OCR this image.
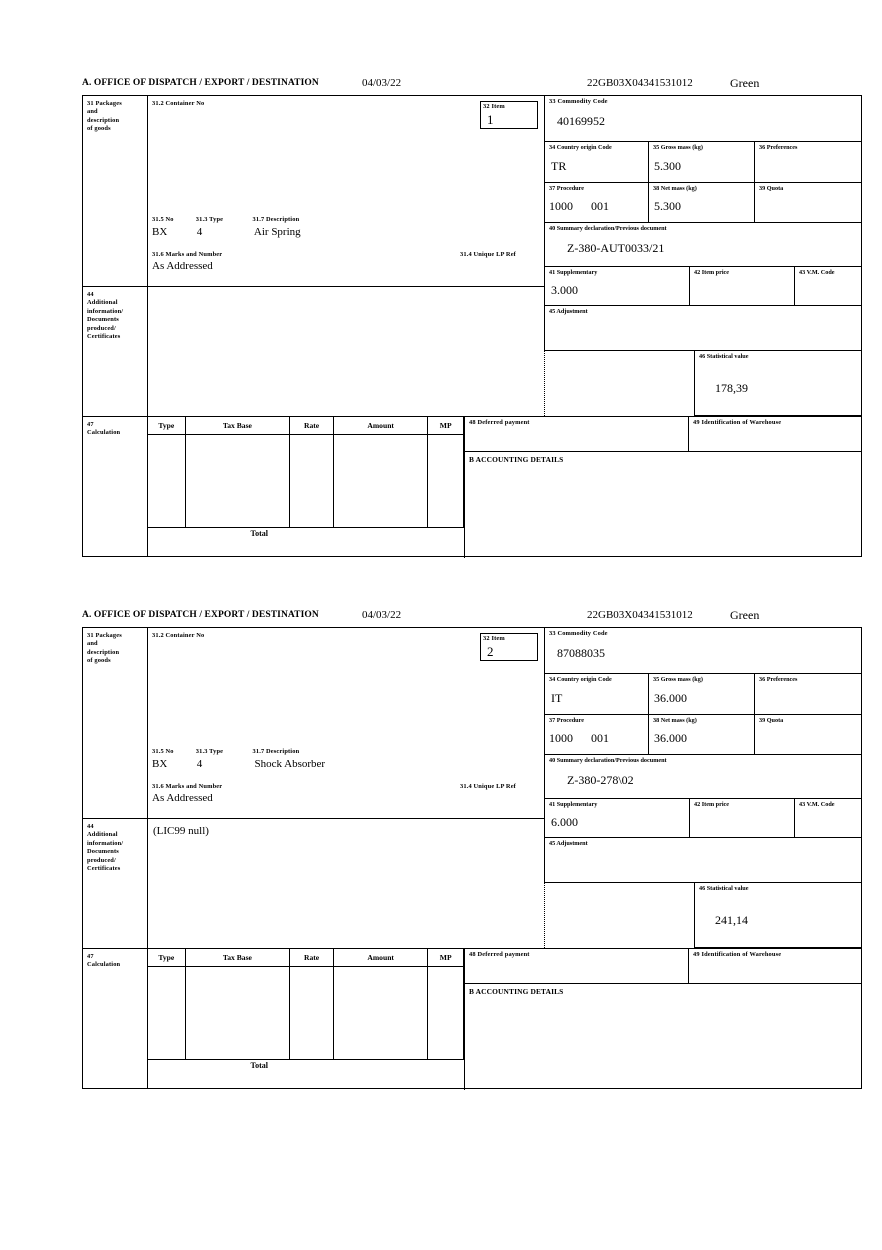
A. OFFICE OF DISPATCH / EXPORT / DESTINATION	04/03/22	22GB03X04341531012	Green
31 Packages
and
description
of goods
44
Additional
information/
Documents
produced/
Certificates
47
Calculation
31.2 Container No
31.5 No	31.3 Type	31.7 Description
BX	4	Air Spring
31.6 Marks and Number
As Addressed
31.4 Unique LP Ref
32 Item
1
33 Commodity Code
40169952
34 Country origin Code
TR
35 Gross mass (kg)
5.300
36 Preferences
37 Procedure
1000      001
38 Net mass (kg)
5.300
39 Quota
40 Summary declaration/Previous document
Z-380-AUT0033/21
41 Supplementary
3.000
42 Item price	43 V.M. Code
45 Adjustment
46 Statistical value
178,39
Type	Tax Base	Rate	Amount	MP

	Total			
48 Deferred payment	49 Identification of Warehouse
B ACCOUNTING DETAILS
A. OFFICE OF DISPATCH / EXPORT / DESTINATION	04/03/22	22GB03X04341531012	Green
31 Packages
and
description
of goods
44
Additional
information/
Documents
produced/
Certificates
47
Calculation
31.2 Container No
31.5 No	31.3 Type	31.7 Description
BX	4	Shock Absorber
31.6 Marks and Number
As Addressed
31.4 Unique LP Ref
32 Item
2
33 Commodity Code
87088035
34 Country origin Code
IT
35 Gross mass (kg)
36.000
36 Preferences
37 Procedure
1000      001
38 Net mass (kg)
36.000
39 Quota
40 Summary declaration/Previous document
Z-380-278\02
41 Supplementary
6.000
42 Item price	43 V.M. Code
45 Adjustment
46 Statistical value
241,14
(LIC99 null)
Type	Tax Base	Rate	Amount	MP

	Total			
48 Deferred payment	49 Identification of Warehouse
B ACCOUNTING DETAILS
